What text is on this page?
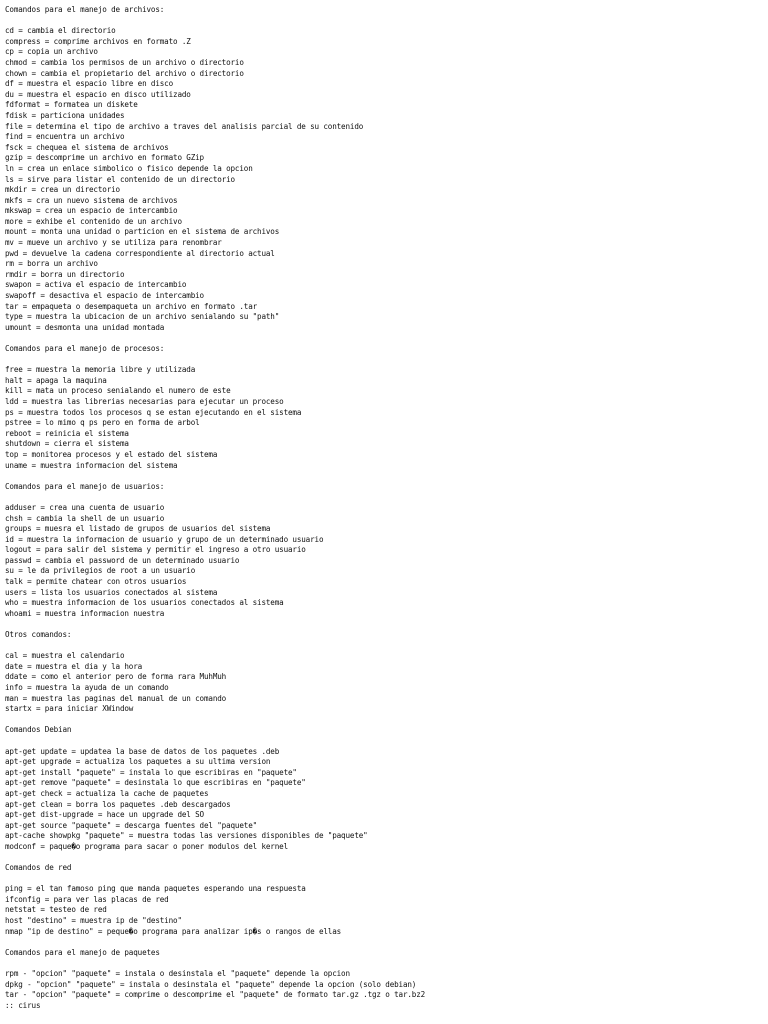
Comandos para el manejo de archivos:
cd = cambia el directorio
compress = comprime archivos en formato .Z
cp = copia un archivo
chmod = cambia los permisos de un archivo o directorio
chown = cambia el propietario del archivo o directorio
df = muestra el espacio libre en disco
du = muestra el espacio en disco utilizado
fdformat = formatea un diskete
fdisk = particiona unidades
file = determina el tipo de archivo a traves del analisis parcial de su contenido
find = encuentra un archivo
fsck = chequea el sistema de archivos
gzip = descomprime un archivo en formato GZip
ln = crea un enlace simbolico o fisico depende la opcion
ls = sirve para listar el contenido de un directorio
mkdir = crea un directorio
mkfs = cra un nuevo sistema de archivos
mkswap = crea un espacio de intercambio
more = exhibe el contenido de un archivo
mount = monta una unidad o particion en el sistema de archivos
mv = mueve un archivo y se utiliza para renombrar
pwd = devuelve la cadena correspondiente al directorio actual
rm = borra un archivo
rmdir = borra un directorio
swapon = activa el espacio de intercambio
swapoff = desactiva el espacio de intercambio
tar = empaqueta o desempaqueta un archivo en formato .tar
type = muestra la ubicacion de un archivo senialando su "path"
umount = desmonta una unidad montada
Comandos para el manejo de procesos:
free = muestra la memoria libre y utilizada
halt = apaga la maquina
kill = mata un proceso senialando el numero de este
ldd = muestra las librerias necesarias para ejecutar un proceso
ps = muestra todos los procesos q se estan ejecutando en el sistema
pstree = lo mimo q ps pero en forma de arbol
reboot = reinicia el sistema
shutdown = cierra el sistema
top = monitorea procesos y el estado del sistema
uname = muestra informacion del sistema
Comandos para el manejo de usuarios:
adduser = crea una cuenta de usuario
chsh = cambia la shell de un usuario
groups = muesra el listado de grupos de usuarios del sistema
id = muestra la informacion de usuario y grupo de un determinado usuario
logout = para salir del sistema y permitir el ingreso a otro usuario
passwd = cambia el password de un determinado usuario
su = le da privilegios de root a un usuario
talk = permite chatear con otros usuarios
users = lista los usuarios conectados al sistema
who = muestra informacion de los usuarios conectados al sistema
whoami = muestra informacion nuestra
Otros comandos:
cal = muestra el calendario
date = muestra el dia y la hora
ddate = como el anterior pero de forma rara MuhMuh
info = muestra la ayuda de un comando
man = muestra las paginas del manual de un comando
startx = para iniciar XWindow
Comandos Debian
apt-get update = updatea la base de datos de los paquetes .deb
apt-get upgrade = actualiza los paquetes a su ultima version
apt-get install "paquete" = instala lo que escribiras en "paquete"
apt-get remove "paquete" = desinstala lo que escribiras en "paquete"
apt-get check = actualiza la cache de paquetes
apt-get clean = borra los paquetes .deb descargados
apt-get dist-upgrade = hace un upgrade del SO
apt-get source "paquete" = descarga fuentes del "paquete"
apt-cache showpkg "paquete" = muestra todas las versiones disponibles de "paquete"
modconf = paque�o programa para sacar o poner modulos del kernel
Comandos de red
ping = el tan famoso ping que manda paquetes esperando una respuesta
ifconfig = para ver las placas de red
netstat = testeo de red
host "destino" = muestra ip de "destino"
nmap "ip de destino" = peque�o programa para analizar ip�s o rangos de ellas
Comandos para el manejo de paquetes
rpm - "opcion" "paquete" = instala o desinstala el "paquete" depende la opcion
dpkg - "opcion" "paquete" = instala o desinstala el "paquete" depende la opcion (solo debian)
tar - "opcion" "paquete" = comprime o descomprime el "paquete" de formato tar.gz .tgz o tar.bz2
:: cirus
